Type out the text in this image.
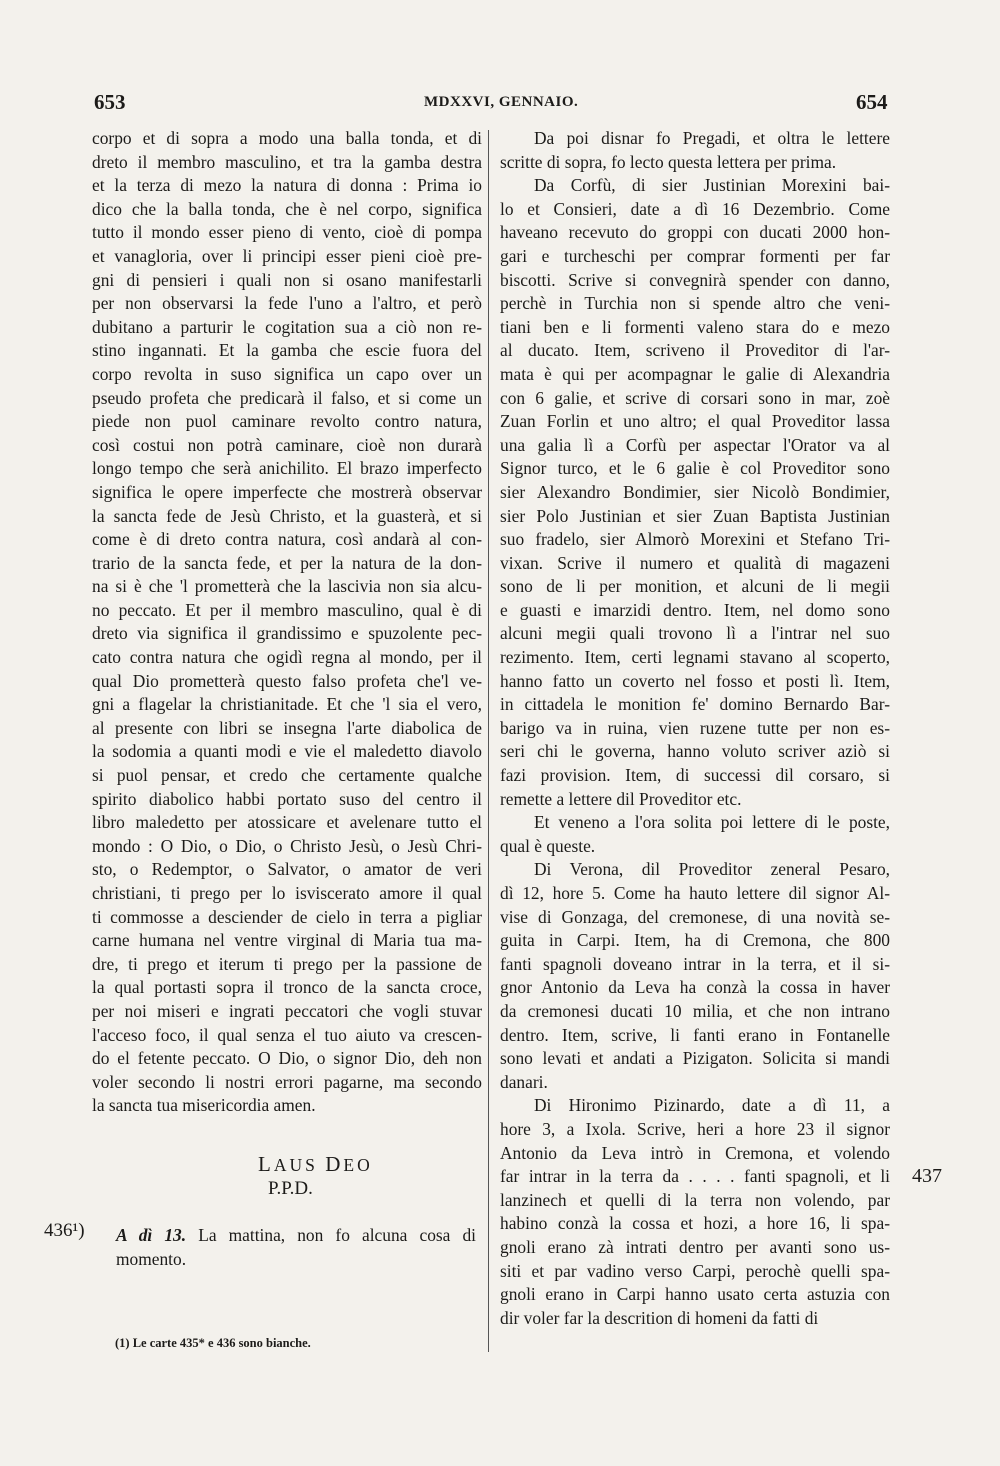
653	MDXXVI, GENNAIO.	654
corpo et di sopra a modo una balla tonda, et di
dreto il membro masculino, et tra la gamba destra
et la terza di mezo la natura di donna : Prima io
dico che la balla tonda, che è nel corpo, significa
tutto il mondo esser pieno di vento, cioè di pompa
et vanagloria, over li principi esser pieni cioè pre-
gni di pensieri i quali non si osano manifestarli
per non observarsi la fede l'uno a l'altro, et però
dubitano a parturir le cogitation sua a ciò non re-
stino ingannati. Et la gamba che escie fuora del
corpo revolta in suso significa un capo over un
pseudo profeta che predicarà il falso, et si come un
piede non puol caminare revolto contro natura,
così costui non potrà caminare, cioè non durarà
longo tempo che serà anichilito. El brazo imperfecto
significa le opere imperfecte che mostrerà observar
la sancta fede de Jesù Christo, et la guasterà, et si
come è di dreto contra natura, così andarà al con-
trario de la sancta fede, et per la natura de la don-
na si è che 'l prometterà che la lascivia non sia alcu-
no peccato. Et per il membro masculino, qual è di
dreto via significa il grandissimo e spuzolente pec-
cato contra natura che ogidì regna al mondo, per il
qual Dio prometterà questo falso profeta che'l ve-
gni a flagelar la christianitade. Et che 'l sia el vero,
al presente con libri se insegna l'arte diabolica de
la sodomia a quanti modi e vie el maledetto diavolo
si puol pensar, et credo che certamente qualche
spirito diabolico habbi portato suso del centro il
libro maledetto per atossicare et avelenare tutto el
mondo : O Dio, o Dio, o Christo Jesù, o Jesù Chri-
sto, o Redemptor, o Salvator, o amator de veri
christiani, ti prego per lo isviscerato amore il qual
ti commosse a desciender de cielo in terra a pigliar
carne humana nel ventre virginal di Maria tua ma-
dre, ti prego et iterum ti prego per la passione de
la qual portasti sopra il tronco de la sancta croce,
per noi miseri e ingrati peccatori che vogli stuvar
l'acceso foco, il qual senza el tuo aiuto va crescen-
do el fetente peccato. O Dio, o signor Dio, deh non
voler secondo li nostri errori pagarne, ma secondo
la sancta tua misericordia amen.
LAUS DEO
P.P.D.
436¹) A dì 13. La mattina, non fo alcuna cosa di
momento.
(1) Le carte 435* e 436 sono bianche.
437
Da poi disnar fo Pregadi, et oltra le lettere
scritte di sopra, fo lecto questa lettera per prima.
Da Corfù, di sier Justinian Morexini bai-
lo et Consieri, date a dì 16 Dezembrio. Come
haveano recevuto do groppi con ducati 2000 hon-
gari e turcheschi per comprar formenti per far
biscotti. Scrive si convegnirà spender con danno,
perchè in Turchia non si spende altro che veni-
tiani ben e li formenti valeno stara do e mezo
al ducato. Item, scriveno il Proveditor di l'ar-
mata è qui per acompagnar le galie di Alexandria
con 6 galie, et scrive di corsari sono in mar, zoè
Zuan Forlin et uno altro; el qual Proveditor lassa
una galia lì a Corfù per aspectar l'Orator va al
Signor turco, et le 6 galie è col Proveditor sono
sier Alexandro Bondimier, sier Nicolò Bondimier,
sier Polo Justinian et sier Zuan Baptista Justinian
suo fradelo, sier Almorò Morexini et Stefano Tri-
vixan. Scrive il numero et qualità di magazeni
sono de li per monition, et alcuni de li megii
e guasti e imarzidi dentro. Item, nel domo sono
alcuni megii quali trovono lì a l'intrar nel suo
rezimento. Item, certi legnami stavano al scoperto,
hanno fatto un coverto nel fosso et posti lì. Item,
in cittadela le monition fe' domino Bernardo Bar-
barigo va in ruina, vien ruzene tutte per non es-
seri chi le governa, hanno voluto scriver aziò si
fazi provision. Item, di successi dil corsaro, si
remette a lettere dil Proveditor etc.
Et veneno a l'ora solita poi lettere di le poste,
qual è queste.
Di Verona, dil Proveditor zeneral Pesaro,
dì 12, hore 5. Come ha hauto lettere dil signor Al-
vise di Gonzaga, del cremonese, di una novità se-
guita in Carpi. Item, ha di Cremona, che 800
fanti spagnoli doveano intrar in la terra, et il si-
gnor Antonio da Leva ha conzà la cossa in haver
da cremonesi ducati 10 milia, et che non intrano
dentro. Item, scrive, li fanti erano in Fontanelle
sono levati et andati a Pizigaton. Solicita si mandi
danari.
Di Hironimo Pizinardo, date a dì 11, a
hore 3, a Ixola. Scrive, heri a hore 23 il signor
Antonio da Leva intrò in Cremona, et volendo
far intrar in la terra da . . . . fanti spagnoli, et li
lanzinech et quelli di la terra non volendo, par
habino conzà la cossa et hozi, a hore 16, li spa-
gnoli erano zà intrati dentro per avanti sono us-
siti et par vadino verso Carpi, perochè quelli spa-
gnoli erano in Carpi hanno usato certa astuzia con
dir voler far la descrition di homeni da fatti di
